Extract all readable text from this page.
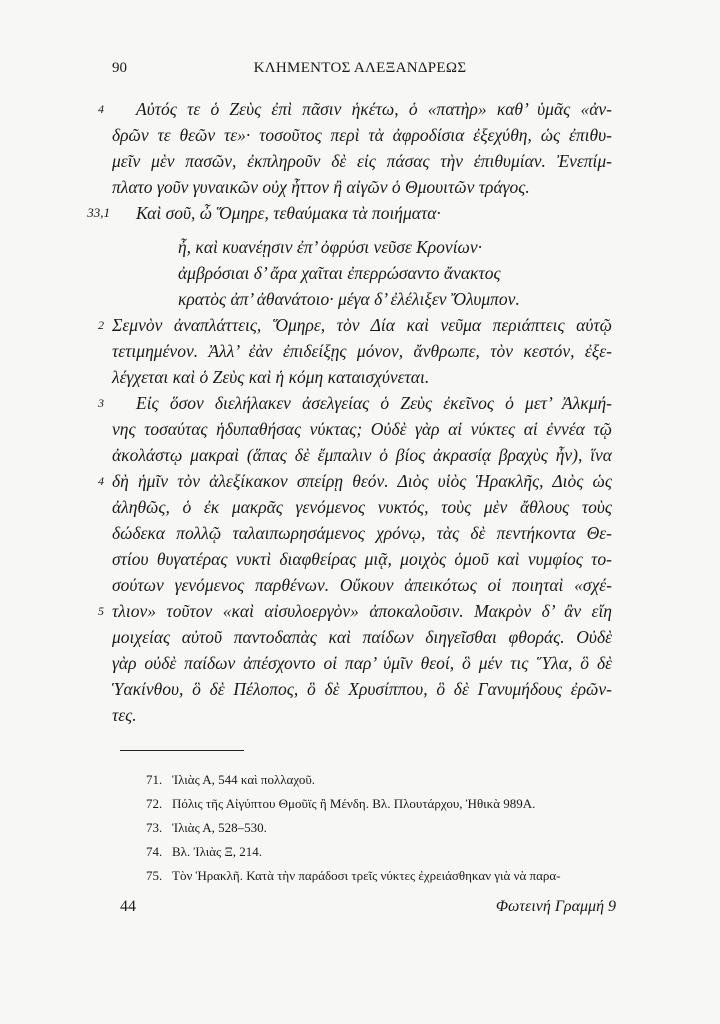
90	ΚΛΗΜΕΝΤΟΣ ΑΛΕΞΑΝΔΡΕΩΣ
4	Αὐτός τε ὁ Ζεὺς ἐπὶ πᾶσιν ἡκέτω, ὁ «πατὴρ» καθ’ ὑμᾶς «ἀν-
δρῶν τε θεῶν τε»· τοσοῦτος περὶ τὰ ἀφροδίσια ἐξεχύθη, ὡς ἐπιθυ-
μεῖν μὲν πασῶν, ἐκπληροῦν δὲ εἰς πάσας τὴν ἐπιθυμίαν. Ἐνεπίμ-
πλατο γοῦν γυναικῶν οὐχ ἧττον ἢ αἰγῶν ὁ Θμουιτῶν τράγος.
33,1 Καὶ σοῦ, ὦ Ὅμηρε, τεθαύμακα τὰ ποιήματα·
ἦ, καὶ κυανέῃσιν ἐπ’ ὀφρύσι νεῦσε Κρονίων·
ἀμβρόσιαι δ’ ἄρα χαῖται ἐπερρώσαντο ἄνακτος
κρατὸς ἀπ’ ἀθανάτοιο· μέγα δ’ ἐλέλιξεν Ὄλυμπον.
2 Σεμνὸν ἀναπλάττεις, Ὅμηρε, τὸν Δία καὶ νεῦμα περιάπτεις αὐτῷ
τετιμημένον. Ἀλλ’ ἐὰν ἐπιδείξῃς μόνον, ἄνθρωπε, τὸν κεστόν, ἐξε-
λέγχεται καὶ ὁ Ζεὺς καὶ ἡ κόμη καταισχύνεται.
3	Εἰς ὅσον διελήλακεν ἀσελγείας ὁ Ζεὺς ἐκεῖνος ὁ μετ’ Ἀλκμή-
νης τοσαύτας ἡδυπαθήσας νύκτας; Οὐδὲ γὰρ αἱ νύκτες αἱ ἐννέα τῷ
ἀκολάστῳ μακραὶ (ἅπας δὲ ἔμπαλιν ὁ βίος ἀκρασίᾳ βραχὺς ἦν), ἵνα
4 δὴ ἡμῖν τὸν ἀλεξίκακον σπείρῃ θεόν. Διὸς υἱὸς Ἡρακλῆς, Διὸς ὡς
ἀληθῶς, ὁ ἐκ μακρᾶς γενόμενος νυκτός, τοὺς μὲν ἄθλους τοὺς
δώδεκα πολλῷ ταλαιπωρησάμενος χρόνῳ, τὰς δὲ πεντήκοντα Θε-
στίου θυγατέρας νυκτὶ διαφθείρας μιᾷ, μοιχὸς ὁμοῦ καὶ νυμφίος το-
σούτων γενόμενος παρθένων. Οὔκουν ἀπεικότως οἱ ποιηταὶ «σχέ-
5 τλιον» τοῦτον «καὶ αἰσυλοεργὸν» ἀποκαλοῦσιν. Μακρὸν δ’ ἂν εἴη
μοιχείας αὐτοῦ παντοδαπὰς καὶ παίδων διηγεῖσθαι φθοράς. Οὐδὲ
γὰρ οὐδὲ παίδων ἀπέσχοντο οἱ παρ’ ὑμῖν θεοί, ὃ μέν τις Ὕλα, ὃ δὲ
Ὑακίνθου, ὃ δὲ Πέλοπος, ὃ δὲ Χρυσίππου, ὃ δὲ Γανυμήδους ἐρῶν-
τες.
71. Ἰλιὰς Α, 544 καὶ πολλαχοῦ.
72. Πόλις τῆς Αἰγύπτου Θμοῦϊς ἢ Μένδη. Βλ. Πλουτάρχου, Ἠθικὰ 989Α.
73. Ἰλιὰς Α, 528–530.
74. Βλ. Ἰλιὰς Ξ, 214.
75. Τὸν Ἡρακλῆ. Κατὰ τὴν παράδοσι τρεῖς νύκτες ἐχρειάσθηκαν γιὰ νὰ παρα-
44	Φωτεινή Γραμμή 9
